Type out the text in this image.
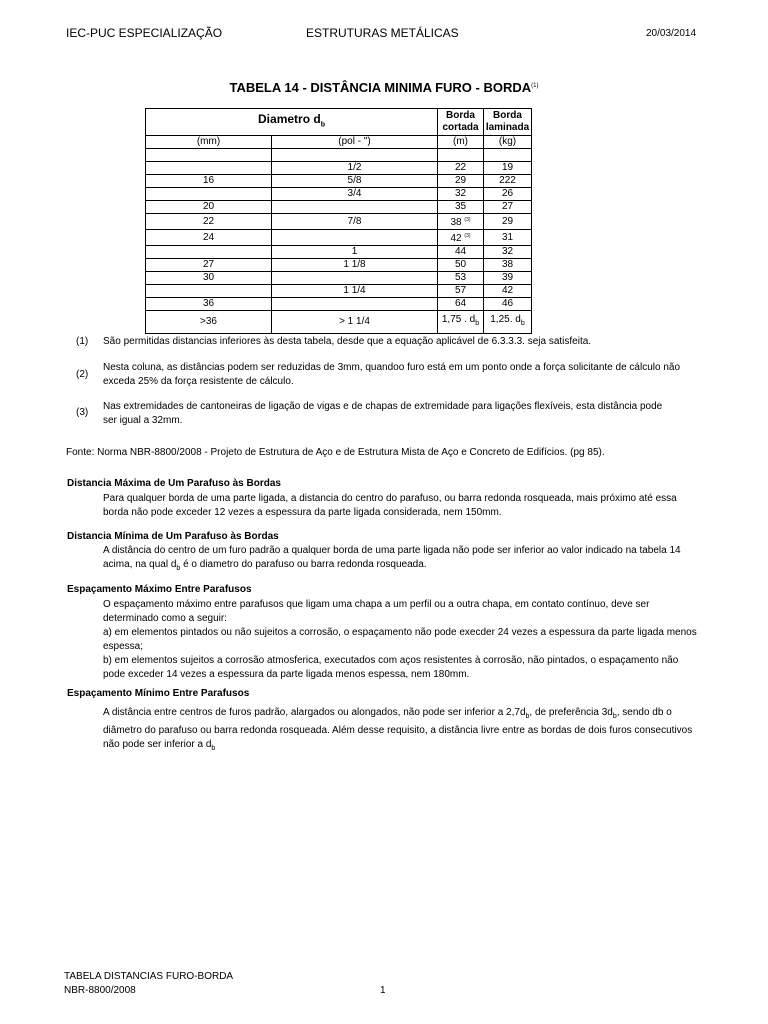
IEC-PUC ESPECIALIZAÇÃO	ESTRUTURAS METÁLICAS	20/03/2014
TABELA 14 - DISTÂNCIA MINIMA FURO - BORDA$^{(1)}$
Diametro $d_b$		Borda cortada	Borda laminada
(mm)	(pol - ")	(m)	(kg)

	1/2	22	19
16	5/8	29	222
	3/4	32	26
20		35	27
22	7/8	38 $^{(3)}$	29
24		42 $^{(3)}$	31
	1	44	32
27	1 1/8	50	38
30		53	39
	1 1/4	57	42
36		64	46
>36	> 1 1/4	1,75 . $d_b$	1,25. $d_b$
(1) São permitidas distancias inferiores às desta tabela, desde que a equação aplicável de 6.3.3.3. seja satisfeita.
(2)
Nesta coluna, as distâncias podem ser reduzidas de 3mm, quandoo furo está em um ponto onde a força solicitante de cálculo não exceda 25% da força resistente de cálculo.
(3)
Nas extremidades de cantoneiras de ligação de vigas e de chapas de extremidade para ligações flexíveis, esta distância pode ser igual a 32mm.
Fonte: Norma NBR-8800/2008 - Projeto de Estrutura de Aço e de Estrutura Mista de Aço e Concreto de Edifícios. (pg 85).
Distancia Máxima de Um Parafuso às Bordas
Para qualquer borda de uma parte ligada, a distancia do centro do parafuso, ou barra redonda rosqueada, mais próximo até essa borda não pode exceder 12 vezes a espessura da parte ligada considerada, nem 150mm.
Distancia Mínima de Um Parafuso às Bordas
A distância do centro de um furo padrão a qualquer borda de uma parte ligada não pode ser inferior ao valor indicado na tabela 14 acima, na qual $d_b$ é o diametro do parafuso ou barra redonda rosqueada.
Espaçamento Máximo Entre Parafusos
O espaçamento máximo entre parafusos que ligam uma chapa a um perfil ou a outra chapa, em contato contínuo, deve ser determinado como a seguir:
a) em elementos pintados ou não sujeitos a corrosão, o espaçamento não pode execder 24 vezes a espessura da parte ligada menos espessa;
b) em elementos sujeitos a corrosão atmosferica, executados com aços resistentes à corrosão, não pintados, o espaçamento não pode exceder 14 vezes a espessura da parte ligada menos espessa, nem 180mm.
Espaçamento Mínimo Entre Parafusos
A distância entre centros de furos padrão, alargados ou alongados, não pode ser inferior a $2,7d_b$, de preferência $3d_b$, sendo db o diâmetro do parafuso ou barra redonda rosqueada. Além desse requisito, a distância livre entre as bordas de dois furos consecutivos não pode ser inferior a $d_b$
TABELA DISTANCIAS FURO-BORDA
NBR-8800/2008	1
